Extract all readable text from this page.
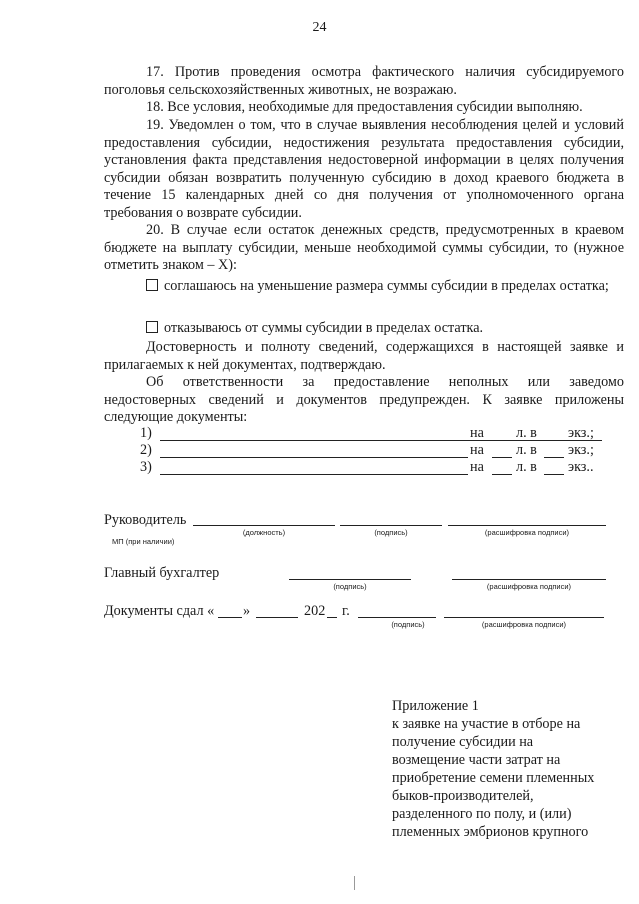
24

17. Против проведения осмотра фактического наличия субсидируемого поголовья сельскохозяйственных животных, не возражаю.

18. Все условия, необходимые для предоставления субсидии выполняю.

19. Уведомлен о том, что в случае выявления несоблюдения целей и условий предоставления субсидии, недостижения результата предоставления субсидии, установления факта представления недостоверной информации в целях получения субсидии обязан возвратить полученную субсидию в доход краевого бюджета в течение 15 календарных дней со дня получения от уполномоченного органа требования о возврате субсидии.

20. В случае если остаток денежных средств, предусмотренных в краевом бюджете на выплату субсидии, меньше необходимой суммы субсидии, то (нужное отметить знаком – Х):

соглашаюсь на уменьшение размера суммы субсидии в пределах остатка;

отказываюсь от суммы субсидии в пределах остатка.

Достоверность и полноту сведений, содержащихся в настоящей заявке и прилагаемых к ней документах, подтверждаю.

Об ответственности за предоставление неполных или заведомо недостоверных сведений и документов предупрежден. К заявке приложены следующие документы:

1)	на л. в экз.;
2)	на л. в экз.;
3)	на л. в экз..
Руководитель
(должность)	(подпись)	(расшифровка подписи)
МП (при наличии)
Главный бухгалтер
(подпись)	(расшифровка подписи)
Документы сдал « »	202 г.
(подпись)	(расшифровка подписи)
Приложение 1
к заявке на участие в отборе на
получение субсидии на
возмещение части затрат на
приобретение семени племенных
быков-производителей,
разделенного по полу, и (или)
племенных эмбрионов крупного
